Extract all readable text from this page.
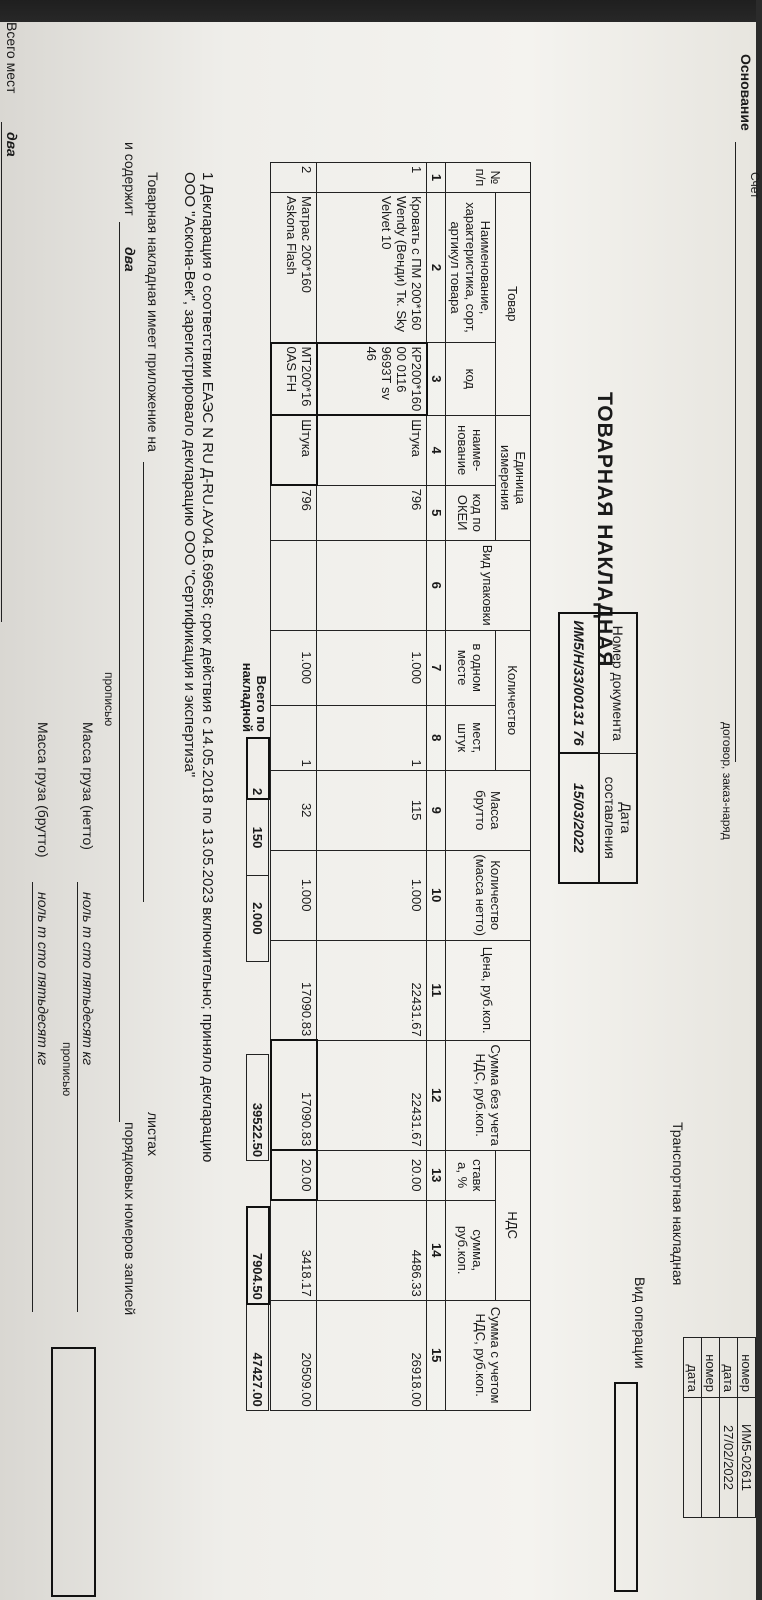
Основание
Счет
договор, заказ-наряд
номер	ИМ5-02611
дата	27/02/2022
номер	
дата	
Транспортная накладная
Вид операции
ТОВАРНАЯ НАКЛАДНАЯ
Номер документа	Дата составления
ИМ5/Н/33/00131 76	15/03/2022
№ п/п	Товар		Единица измерения		Вид упаковки	Количество		Масса брутто	Количество (масса нетто)	Цена, руб.коп.	Сумма без учета НДС, руб.коп.	НДС		Сумма с учетом НДС, руб.коп.
	Наименование, характеристика, сорт, артикул товара	код	наиме-нование	код по ОКЕИ		в одном месте	мест, штук					ставк а, %	сумма, руб.коп.	
1	2	3	4	5	6	7	8	9	10	11	12	13	14	15
1	Кровать с ПМ 200*160 Wendy (Венди) Тк. Sky Velvet 10	КР200*160 00 0116 9693Т sv 46	Штука	796		1.000	1	115	1.000	22431.67	22431.67	20.00	4486.33	26918.00
2	Матрас 200*160 Askona Flash	МТ200*16 0AS FH	Штука	796		1.000	1	32	1.000	17090.83	17090.83	20.00	3418.17	20509.00
Всего по накладной
2	150	2.000		39522.50		7904.50	47427.00
1 Декларация о соответствии ЕАЭС N RU Д-RU.АУ04.В.69658; срок действия с 14.05.2018 по 13.05.2023 включительно; приняло декларацию ООО "Аскона-Век", зарегистрировало декларацию ООО "Сертификация и экспертиза"
Товарная накладная имеет приложение на
листах
и содержит
два
порядковых номеров записей
прописью
Масса груза (нетто)
ноль т сто пятьдесят кг
прописью
Масса груза (брутто)
ноль т сто пятьдесят кг
Всего мест
два
